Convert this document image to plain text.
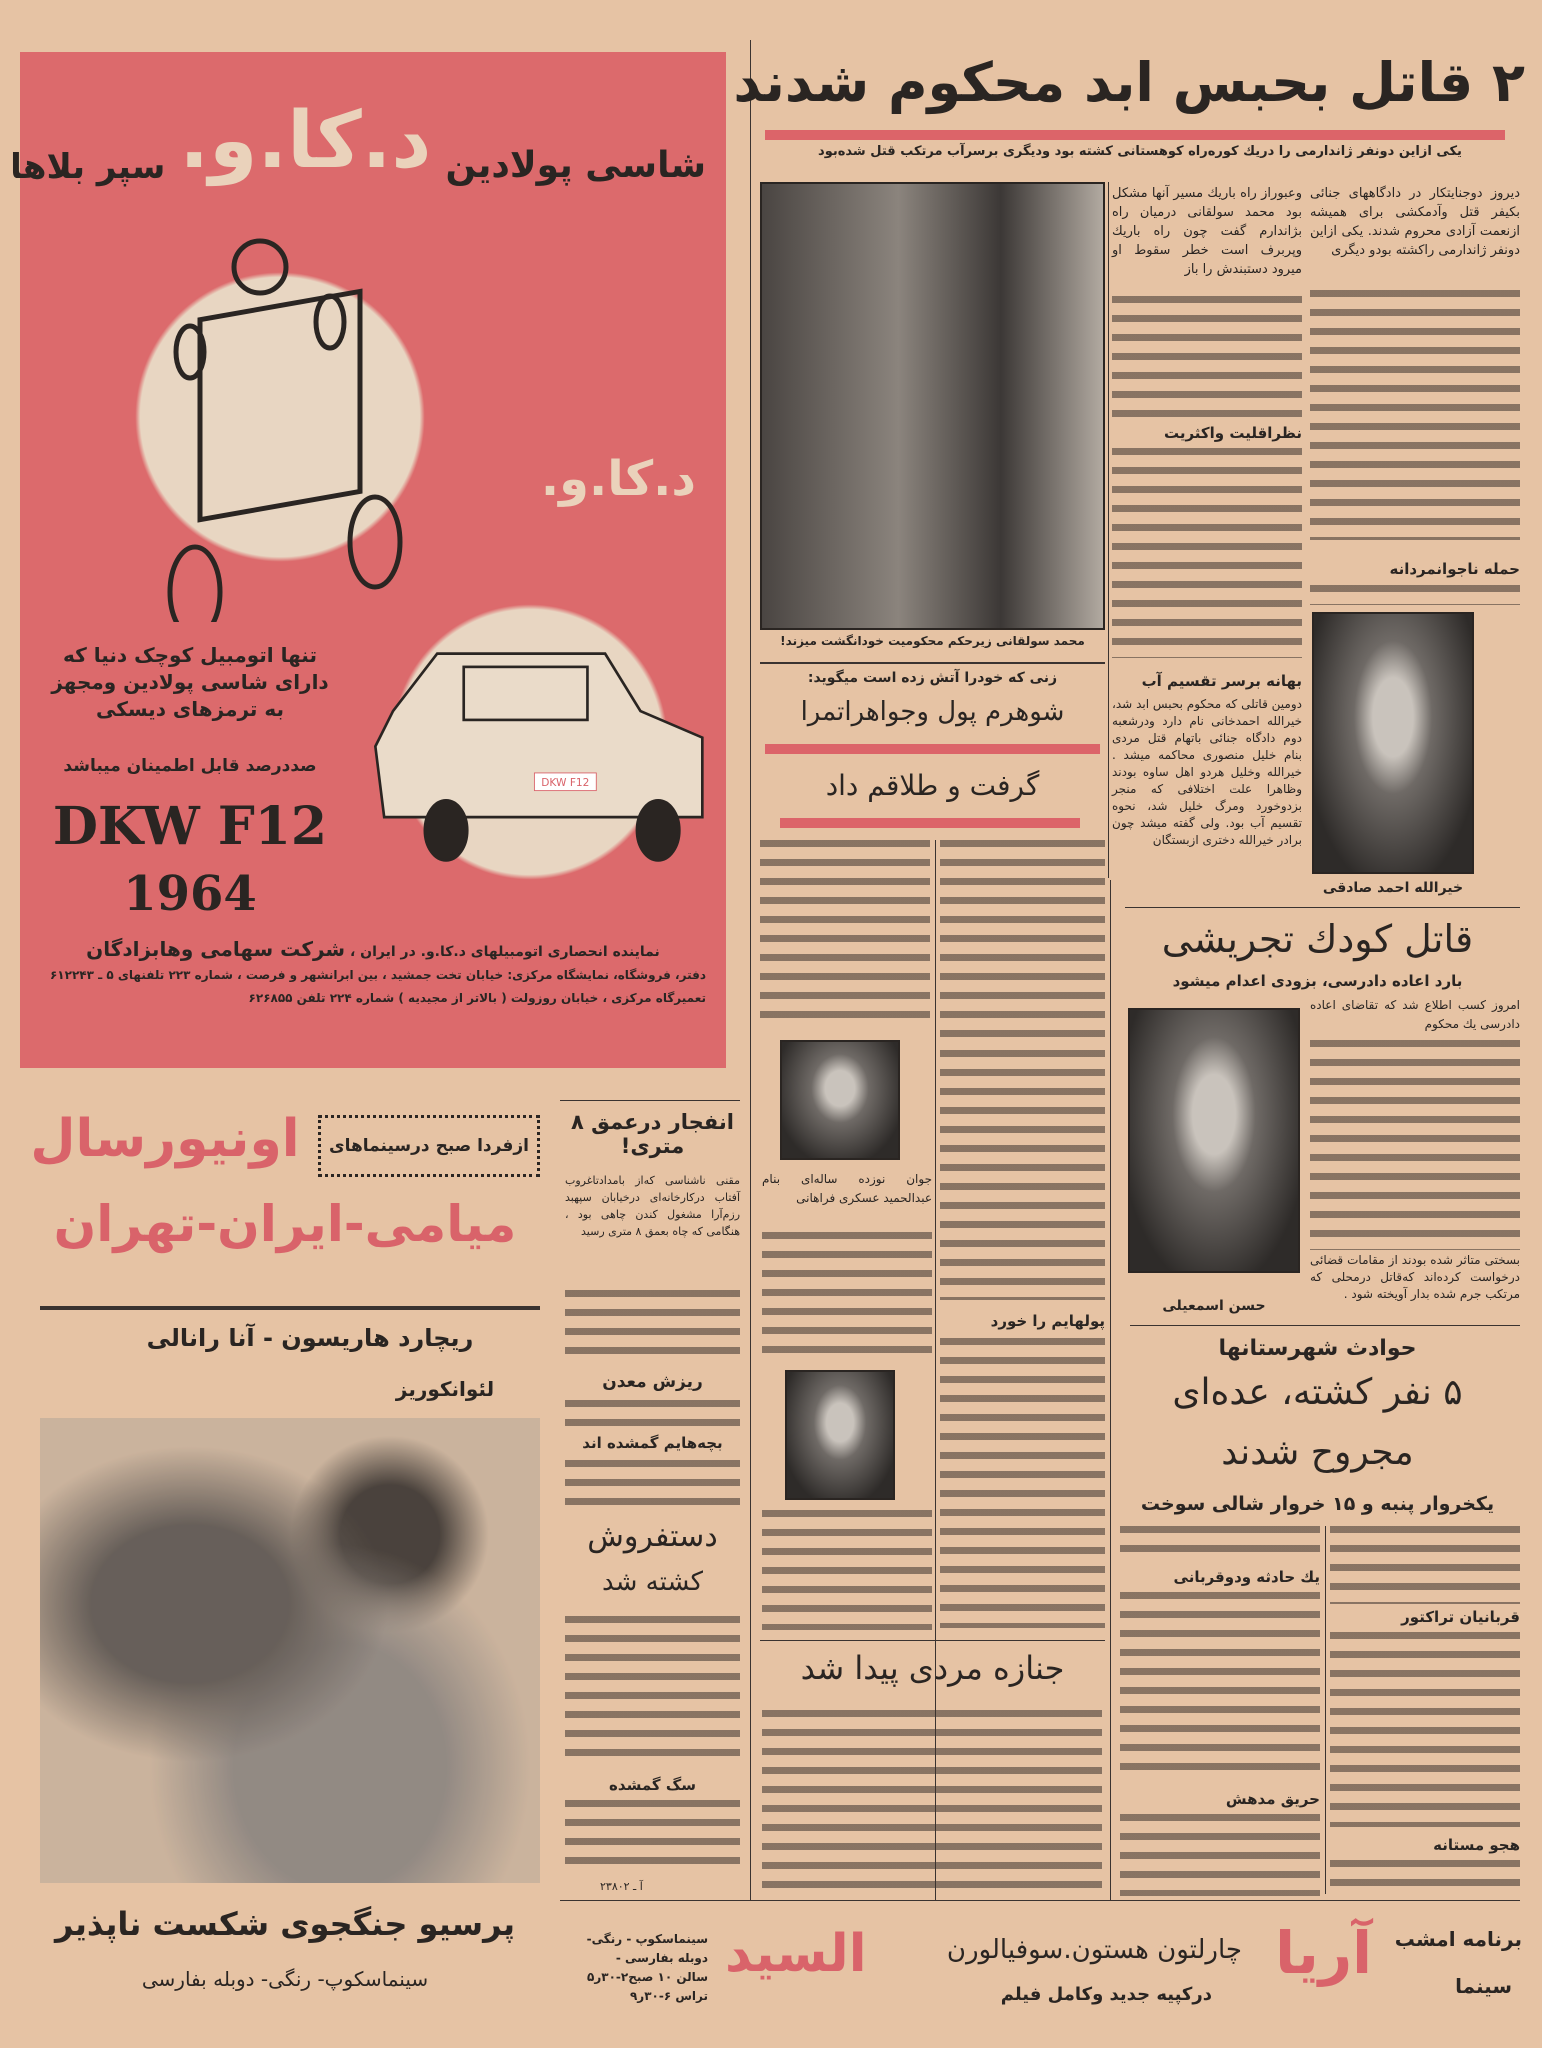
شاسی پولادین
د.کا.و.
سپر بلاها
د.کا.و.
تنها اتومبیل کوچک دنیا که دارای شاسی پولادین ومجهز به ترمزهای دیسکی
صددرصد قابل اطمینان میباشد
DKW F12
1964
DKW F12
نماینده انحصاری اتومبیلهای د.کا.و. در ایران ، شرکت سهامی وهابزادگان
دفتر، فروشگاه، نمایشگاه مرکزی: خیابان تخت جمشید ، بین ابرانشهر و فرصت ، شماره ۲۲۳ تلفنهای ۵ ـ ۶۱۲۲۴۳
تعمیرگاه مرکزی ، خیابان روزولت ( بالاتر از مجیدیه ) شماره ۲۲۴ تلفن ۶۲۶۸۵۵
۲ قاتل بحبس ابد محکوم شدند
یکی ازاین دونفر ژاندارمی را دریك کوره‌راه کوهستانی کشته بود ودیگری برسرآب مرتکب قتل شده‌بود
محمد سولقانی زیرحکم محکومیت خودانگشت میزند!
دیروز دوجنایتکار در دادگاههای جنائی بکیفر قتل وآدمکشی برای همیشه ازنعمت آزادی محروم شدند. یکی ازاین دونفر ژاندارمی راکشته بودو دیگری
حمله ناجوانمردانه
وعبوراز راه باریك مسیر آنها مشکل بود محمد سولقانی درمیان راه بژاندارم گفت چون راه باریك وپربرف است خطر سقوط او میرود دستبندش را باز
نظراقلیت واکثریت
بهانه برسر تقسیم آب
دومین قاتلی که محکوم بحبس ابد شد، خیرالله احمدخانی نام دارد ودرشعبه دوم دادگاه جنائی باتهام قتل مردی بنام خلیل منصوری محاکمه میشد . خیرالله وخلیل هردو اهل ساوه بودند وظاهرا علت اختلافی که منجر بزدوخورد ومرگ خلیل شد، نحوه تقسیم آب بود. ولی گفته میشد چون برادر خیرالله دختری ازبستگان
خیرالله احمد صادقی
زنی که خودرا آتش زده است میگوید:
شوهرم پول وجواهراتمرا
گرفت و طلاقم داد
پولهایم را خورد
جوان نوزده ساله‌ای بنام عبدالحمید عسکری فراهانی
جنازه مردی پیدا شد
قاتل کودك تجریشی
بارد اعاده دادرسی، بزودی اعدام میشود
امروز کسب اطلاع شد که تقاضای اعاده دادرسی یك محکوم
بسختی متاثر شده بودند از مقامات قضائی درخواست کرده‌اند که‌قاتل درمحلی که مرتکب جرم شده بدار آویخته شود .
حسن اسمعیلی
حوادث شهرستانها
۵ نفر کشته، عده‌ای
مجروح شدند
یکخروار پنبه و ۱۵ خروار شالی سوخت
قربانیان تراکتور
هجو مستانه
یك حادثه ودوقربانی
حریق مدهش
انفجار درعمق ۸ متری!
مقنی ناشناسی که‌از بامدادتاغروب آفتاب درکارخانه‌ای درخیابان سپهبد رزم‌آرا مشغول کندن چاهی بود ، هنگامی که چاه بعمق ۸ متری رسید
ریزش معدن
بچه‌هایم گمشده اند
دستفروش
کشته شد
سگ گمشده
آ ـ ۲۳۸۰۲
ازفردا صبح درسینماهای
اونیورسال
میامی-ایران-تهران
ریچارد هاریسون - آنا رانالی
لئوانکوریز
پرسیو جنگجوی شکست ناپذیر
سینماسکوپ- رنگی- دوبله بفارسی
برنامه امشب
سینما
آریا
چارلتون هستون.سوفیالورن
السید
درکپیه جدید وکامل فیلم
سینماسکوپ - رنگی-
دوبله بفارسی -
سالن ۱۰ صبح۲-۳۰ر۵
تراس ۶-۳۰ر۹
